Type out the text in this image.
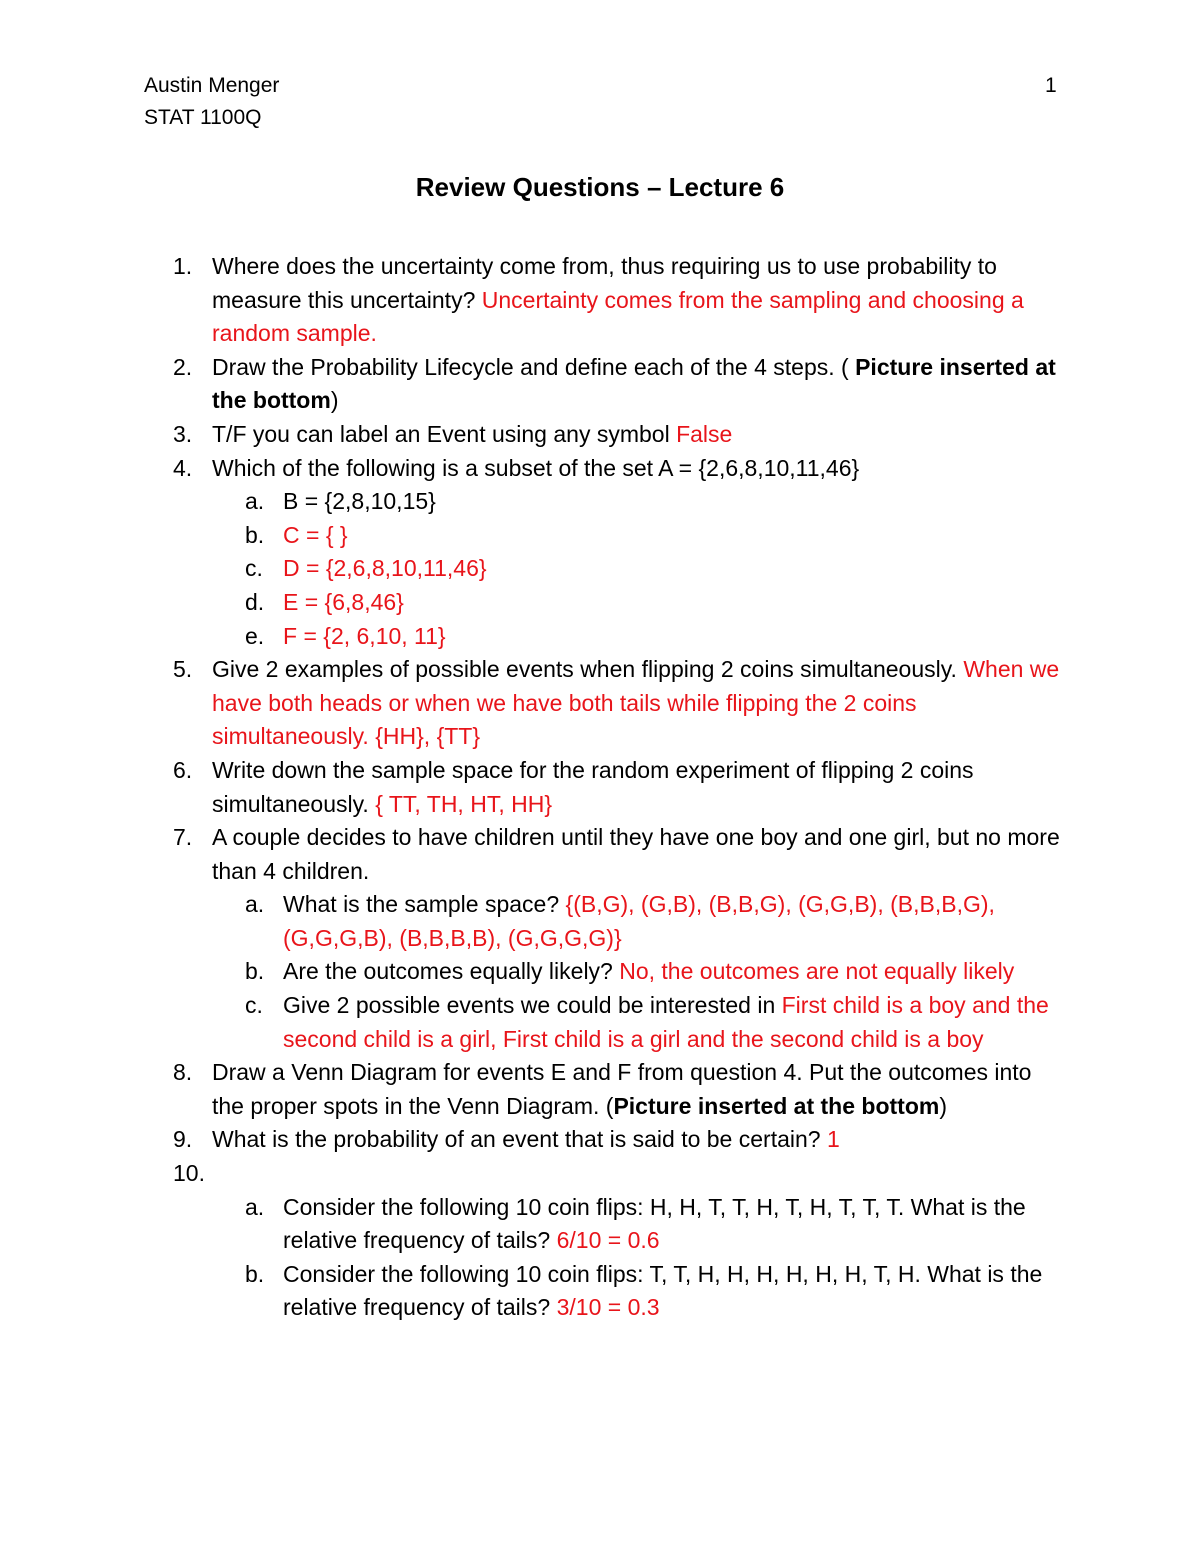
Austin Menger
STAT 1100Q
1
Review Questions – Lecture 6
1. Where does the uncertainty come from, thus requiring us to use probability to measure this uncertainty? Uncertainty comes from the sampling and choosing a random sample.
2. Draw the Probability Lifecycle and define each of the 4 steps. ( Picture inserted at the bottom)
3. T/F you can label an Event using any symbol False
4. Which of the following is a subset of the set A = {2,6,8,10,11,46}
a. B = {2,8,10,15}
b. C = { }
c. D = {2,6,8,10,11,46}
d. E = {6,8,46}
e. F = {2, 6,10, 11}
5. Give 2 examples of possible events when flipping 2 coins simultaneously. When we have both heads or when we have both tails while flipping the 2 coins simultaneously. {HH}, {TT}
6. Write down the sample space for the random experiment of flipping 2 coins simultaneously. { TT, TH, HT, HH}
7. A couple decides to have children until they have one boy and one girl, but no more than 4 children.
a. What is the sample space? {(B,G), (G,B), (B,B,G), (G,G,B), (B,B,B,G), (G,G,G,B), (B,B,B,B), (G,G,G,G)}
b. Are the outcomes equally likely? No, the outcomes are not equally likely
c. Give 2 possible events we could be interested in First child is a boy and the second child is a girl, First child is a girl and the second child is a boy
8. Draw a Venn Diagram for events E and F from question 4. Put the outcomes into the proper spots in the Venn Diagram. (Picture inserted at the bottom)
9. What is the probability of an event that is said to be certain? 1
10.
a. Consider the following 10 coin flips: H, H, T, T, H, T, H, T, T, T. What is the relative frequency of tails? 6/10 = 0.6
b. Consider the following 10 coin flips: T, T, H, H, H, H, H, H, T, H. What is the relative frequency of tails? 3/10 = 0.3
